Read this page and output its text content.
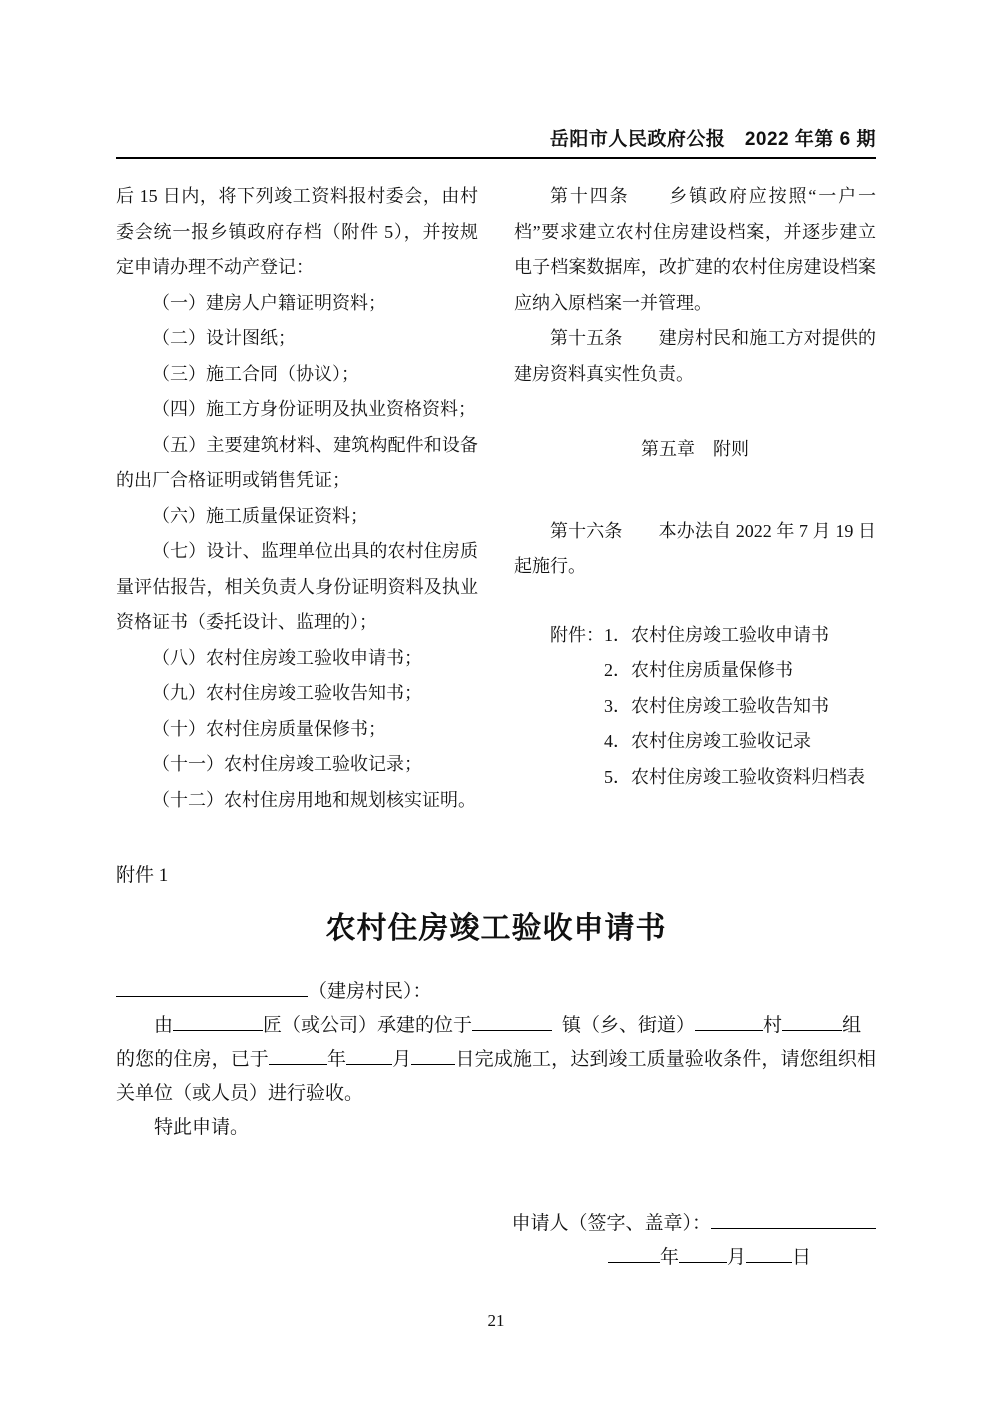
岳阳市人民政府公报　2022 年第 6 期

后 15 日内，将下列竣工资料报村委会，由村委会统一报乡镇政府存档（附件 5），并按规定申请办理不动产登记：

（一）建房人户籍证明资料；

（二）设计图纸；

（三）施工合同（协议）；

（四）施工方身份证明及执业资格资料；

（五）主要建筑材料、建筑构配件和设备的出厂合格证明或销售凭证；

（六）施工质量保证资料；

（七）设计、监理单位出具的农村住房质量评估报告，相关负责人身份证明资料及执业资格证书（委托设计、监理的）；

（八）农村住房竣工验收申请书；

（九）农村住房竣工验收告知书；

（十）农村住房质量保修书；

（十一）农村住房竣工验收记录；

（十二）农村住房用地和规划核实证明。

第十四条　　乡镇政府应按照“一户一档”要求建立农村住房建设档案，并逐步建立电子档案数据库，改扩建的农村住房建设档案应纳入原档案一并管理。

第十五条　　建房村民和施工方对提供的建房资料真实性负责。

第五章　附则

第十六条　　本办法自 2022 年 7 月 19 日起施行。

附件：1．农村住房竣工验收申请书

2．农村住房质量保修书

3．农村住房竣工验收告知书

4．农村住房竣工验收记录

5．农村住房竣工验收资料归档表

附件 1
农村住房竣工验收申请书

（建房村民）：

由	匠（或公司）承建的位于	镇（乡、街道）	村	组

的您的住房，已于	年 月 日完成施工，达到竣工质量验收条件，请您组织相关单位（或人员）进行验收。

特此申请。

申请人（签字、盖章）：
年	月 日
21
